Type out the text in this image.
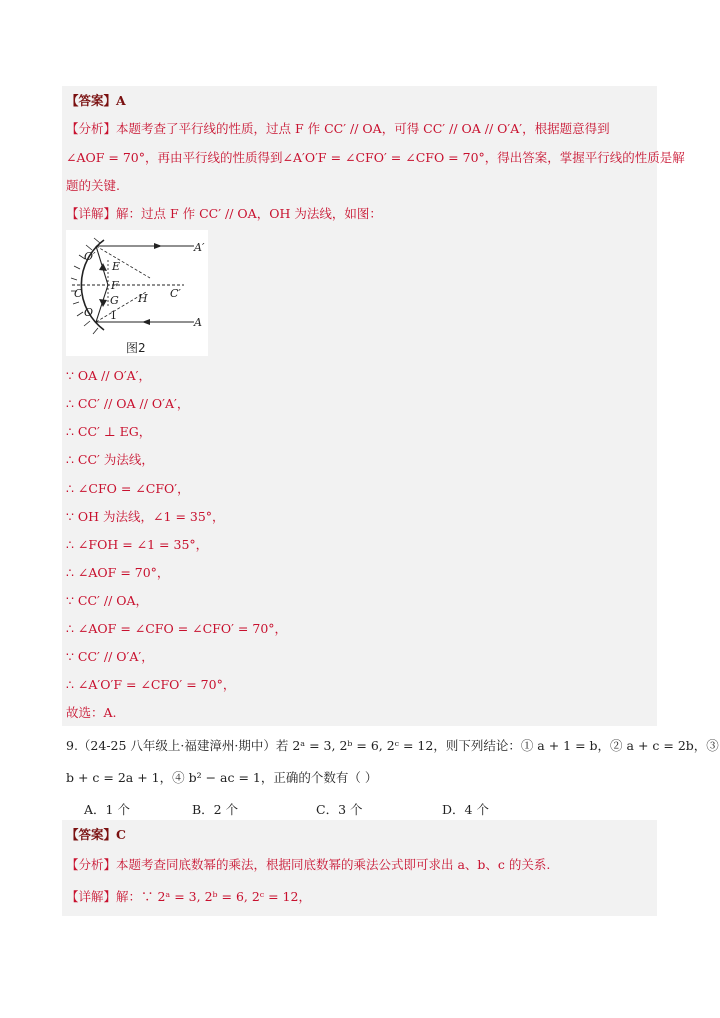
【答案】A
【分析】本题考查了平行线的性质，过点 F 作 CC′ // OA，可得 CC′ // OA // O′A′，根据题意得到
∠AOF = 70°，再由平行线的性质得到∠A′O′F = ∠CFO′ = ∠CFO = 70°，得出答案，掌握平行线的性质是解
题的关键.
【详解】解：过点 F 作 CC′ // OA，OH 为法线，如图：
O′
E
F
C	C′
G H
O 1
A′
A
图2
∵ OA // O′A′，
∴ CC′ // OA // O′A′，
∴ CC′ ⊥ EG，
∴ CC′ 为法线，
∴ ∠CFO = ∠CFO′，
∵ OH 为法线，∠1 = 35°，
∴ ∠FOH = ∠1 = 35°，
∴ ∠AOF = 70°，
∵ CC′ // OA，
∴ ∠AOF = ∠CFO = ∠CFO′ = 70°，
∵ CC′ // O′A′，
∴ ∠A′O′F = ∠CFO′ = 70°，
故选：A.
9.（24-25 八年级上·福建漳州·期中）若 2ᵃ = 3, 2ᵇ = 6, 2ᶜ = 12，则下列结论：① a + 1 = b，② a + c = 2b，③
b + c = 2a + 1，④ b² − ac = 1，正确的个数有（ ）
A．1 个	B．2 个	C．3 个	D．4 个
【答案】C
【分析】本题考查同底数幂的乘法，根据同底数幂的乘法公式即可求出 a、b、c 的关系.
【详解】解：∵ 2ᵃ = 3, 2ᵇ = 6, 2ᶜ = 12，
